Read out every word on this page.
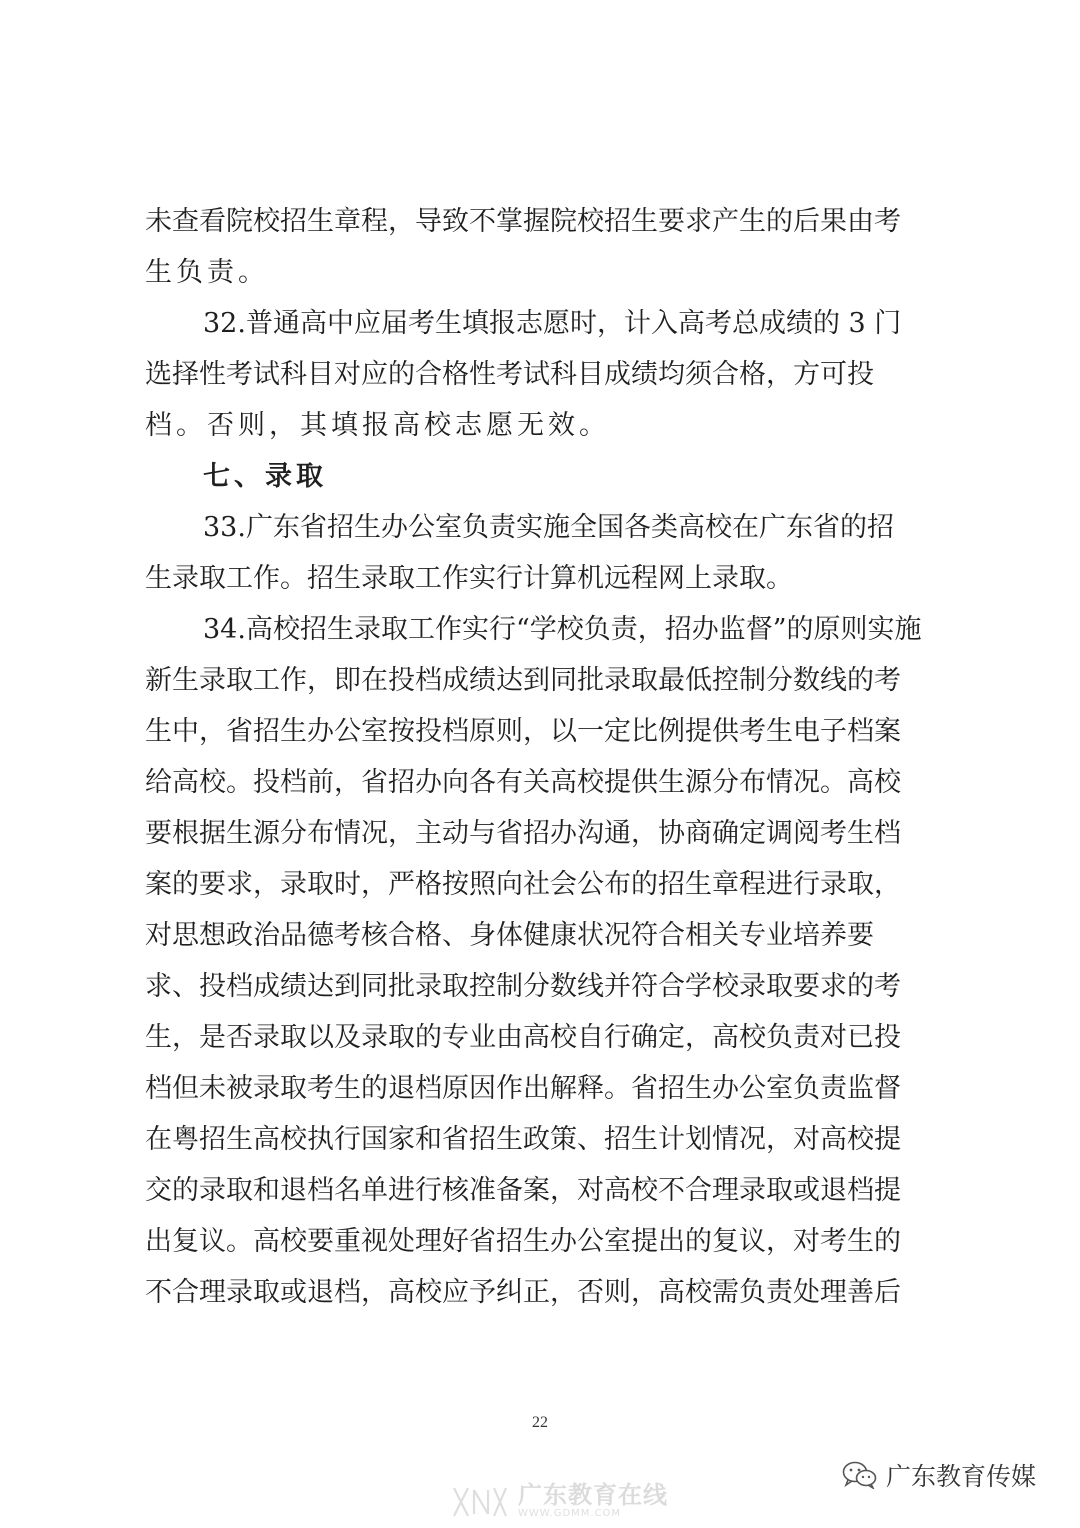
未查看院校招生章程，导致不掌握院校招生要求产生的后果由考
生负责。
32.普通高中应届考生填报志愿时，计入高考总成绩的 3 门
选择性考试科目对应的合格性考试科目成绩均须合格，方可投
档。否则，其填报高校志愿无效。
七、录取
33.广东省招生办公室负责实施全国各类高校在广东省的招
生录取工作。招生录取工作实行计算机远程网上录取。
34.高校招生录取工作实行“学校负责，招办监督”的原则实施
新生录取工作，即在投档成绩达到同批录取最低控制分数线的考
生中，省招生办公室按投档原则，以一定比例提供考生电子档案
给高校。投档前，省招办向各有关高校提供生源分布情况。高校
要根据生源分布情况，主动与省招办沟通，协商确定调阅考生档
案的要求，录取时，严格按照向社会公布的招生章程进行录取，
对思想政治品德考核合格、身体健康状况符合相关专业培养要
求、投档成绩达到同批录取控制分数线并符合学校录取要求的考
生，是否录取以及录取的专业由高校自行确定，高校负责对已投
档但未被录取考生的退档原因作出解释。省招生办公室负责监督
在粤招生高校执行国家和省招生政策、招生计划情况，对高校提
交的录取和退档名单进行核准备案，对高校不合理录取或退档提
出复议。高校要重视处理好省招生办公室提出的复议，对考生的
不合理录取或退档，高校应予纠正，否则，高校需负责处理善后
22
广东教育传媒
广东教育在线
WWW.GDMM.COM
